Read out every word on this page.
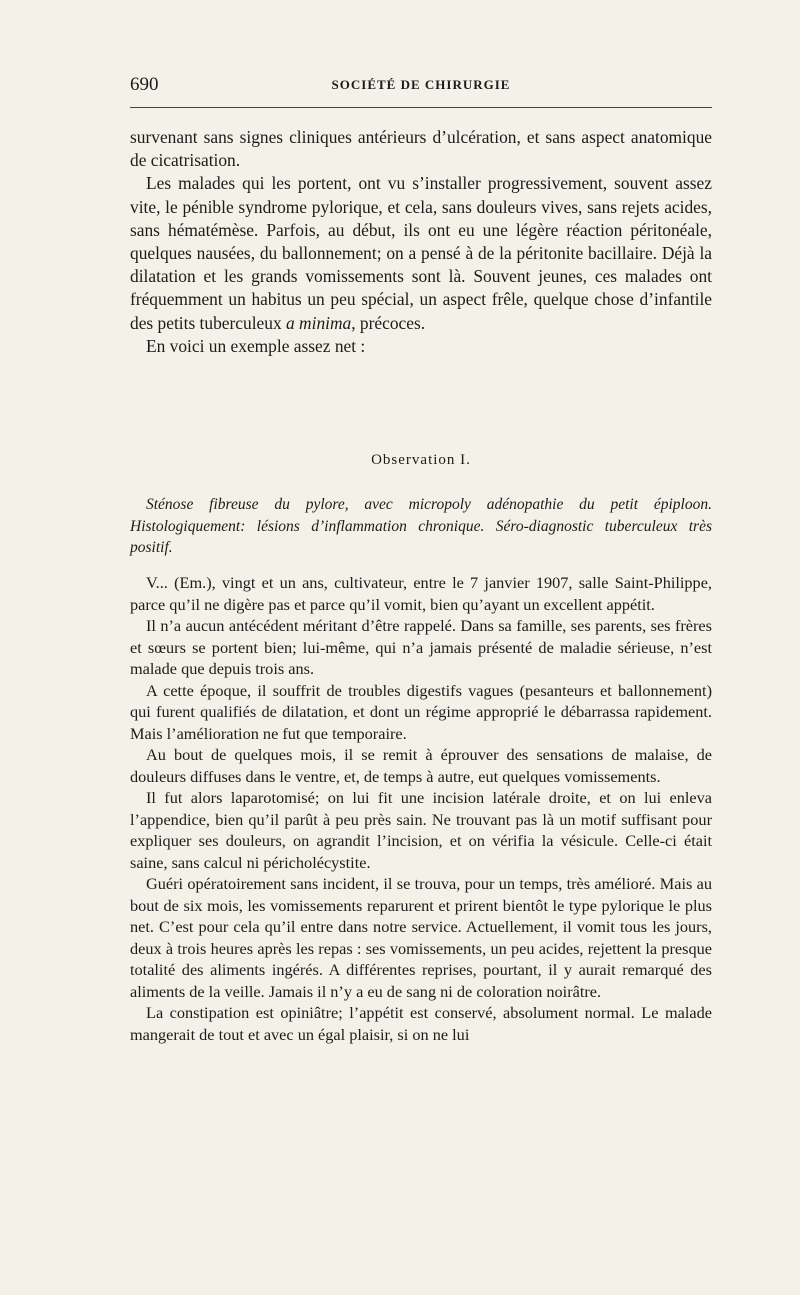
690	SOCIÉTÉ DE CHIRURGIE

survenant sans signes cliniques antérieurs d’ulcération, et sans aspect anatomique de cicatrisation.

Les malades qui les portent, ont vu s’installer progressivement, souvent assez vite, le pénible syndrome pylorique, et cela, sans douleurs vives, sans rejets acides, sans hématémèse. Parfois, au début, ils ont eu une légère réaction péritonéale, quelques nausées, du ballonnement; on a pensé à de la péritonite bacillaire. Déjà la dilatation et les grands vomissements sont là. Souvent jeunes, ces malades ont fréquemment un habitus un peu spécial, un aspect frêle, quelque chose d’infantile des petits tuberculeux a minima, précoces.

En voici un exemple assez net :

Observation I.

Sténose fibreuse du pylore, avec micropoly adénopathie du petit épiploon. Histologiquement: lésions d’inflammation chronique. Séro-diagnostic tuberculeux très positif.

V... (Em.), vingt et un ans, cultivateur, entre le 7 janvier 1907, salle Saint-Philippe, parce qu’il ne digère pas et parce qu’il vomit, bien qu’ayant un excellent appétit.

Il n’a aucun antécédent méritant d’être rappelé. Dans sa famille, ses parents, ses frères et sœurs se portent bien; lui-même, qui n’a jamais présenté de maladie sérieuse, n’est malade que depuis trois ans.

A cette époque, il souffrit de troubles digestifs vagues (pesanteurs et ballonnement) qui furent qualifiés de dilatation, et dont un régime approprié le débarrassa rapidement. Mais l’amélioration ne fut que temporaire.

Au bout de quelques mois, il se remit à éprouver des sensations de malaise, de douleurs diffuses dans le ventre, et, de temps à autre, eut quelques vomissements.

Il fut alors laparotomisé; on lui fit une incision latérale droite, et on lui enleva l’appendice, bien qu’il parût à peu près sain. Ne trouvant pas là un motif suffisant pour expliquer ses douleurs, on agrandit l’incision, et on vérifia la vésicule. Celle-ci était saine, sans calcul ni péricholécystite.

Guéri opératoirement sans incident, il se trouva, pour un temps, très amélioré. Mais au bout de six mois, les vomissements reparurent et prirent bientôt le type pylorique le plus net. C’est pour cela qu’il entre dans notre service. Actuellement, il vomit tous les jours, deux à trois heures après les repas : ses vomissements, un peu acides, rejettent la presque totalité des aliments ingérés. A différentes reprises, pourtant, il y aurait remarqué des aliments de la veille. Jamais il n’y a eu de sang ni de coloration noirâtre.

La constipation est opiniâtre; l’appétit est conservé, absolument normal. Le malade mangerait de tout et avec un égal plaisir, si on ne lui
